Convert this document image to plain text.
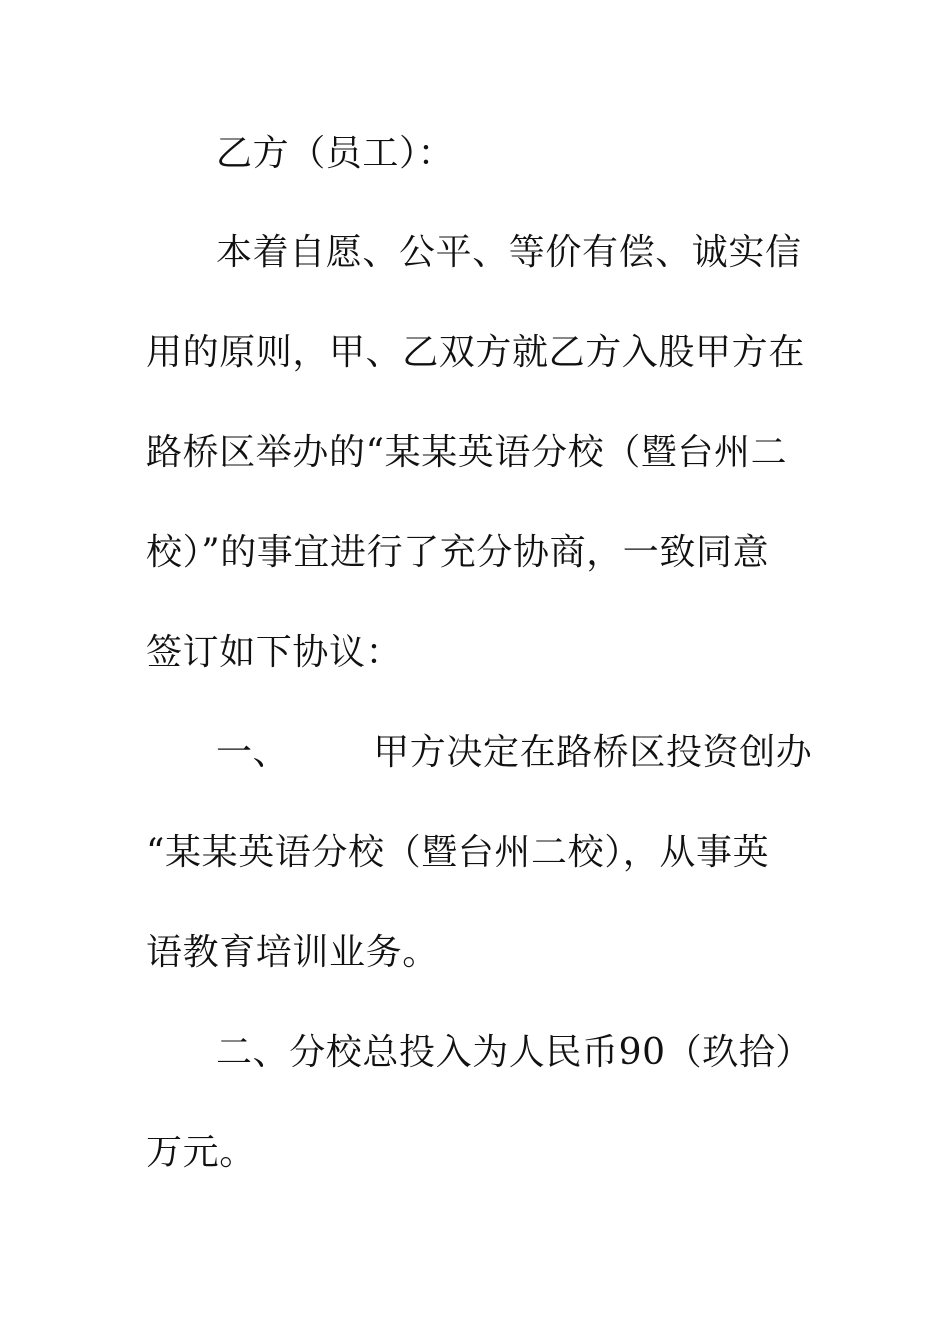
乙方（员工）：
本着自愿、公平、等价有偿、诚实信
用的原则，甲、乙双方就乙方入股甲方在
路桥区举办的“某某英语分校（暨台州二
校）”的事宜进行了充分协商，一致同意
签订如下协议：
一、 甲方决定在路桥区投资创办
“某某英语分校（暨台州二校），从事英
语教育培训业务。
二、分校总投入为人民币90（玖拾）
万元。
